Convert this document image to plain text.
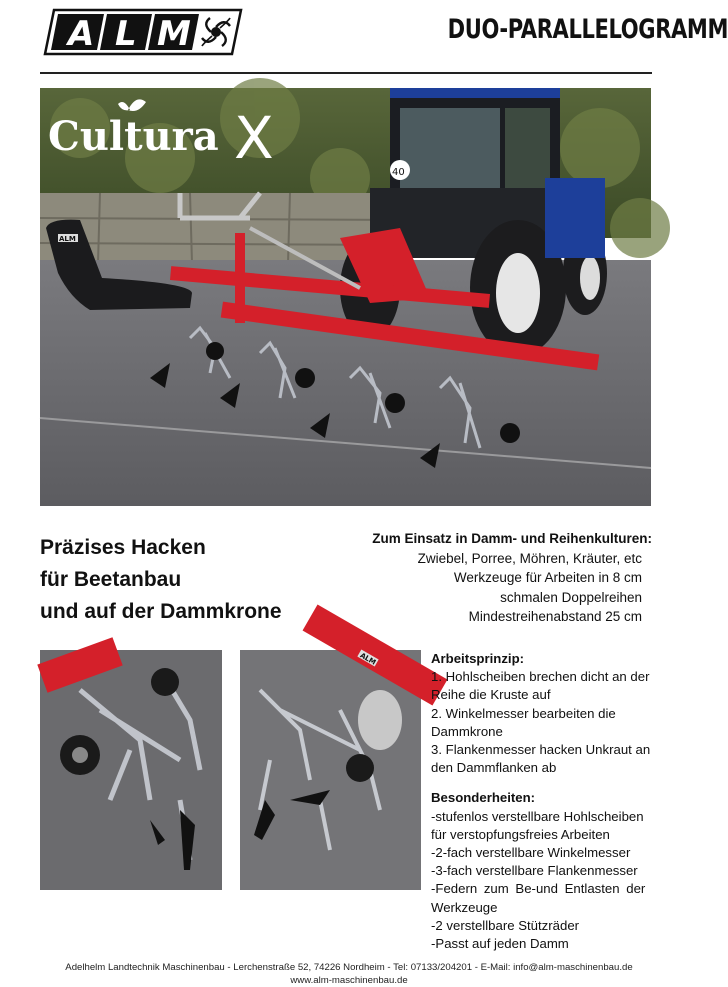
A L M	DUO-PARALLELOGRAMM
40
ALM
Cultura X
Präzises Hacken
für Beetanbau
und auf der Dammkrone
Zum Einsatz in Damm- und Reihenkulturen:
Zwiebel, Porree, Möhren, Kräuter, etc
Werkzeuge für Arbeiten in 8 cm
schmalen Doppelreihen
Mindestreihenabstand 25 cm
ALM	Arbeitsprinzip:
1. Hohlscheiben brechen dicht an der
Reihe die Kruste auf
2. Winkelmesser bearbeiten die
Dammkrone
3. Flankenmesser hacken Unkraut an
den Dammflanken ab
Besonderheiten:
-stufenlos verstellbare Hohlscheiben
für verstopfungsfreies Arbeiten
-2-fach verstellbare Winkelmesser
-3-fach verstellbare Flankenmesser
-Federn zum Be-und Entlasten der
Werkzeuge
-2 verstellbare Stützräder
-Passt auf jeden Damm
Adelhelm Landtechnik Maschinenbau - Lerchenstraße 52, 74226 Nordheim - Tel: 07133/204201 - E-Mail: info@alm-maschinenbau.de
www.alm-maschinenbau.de
